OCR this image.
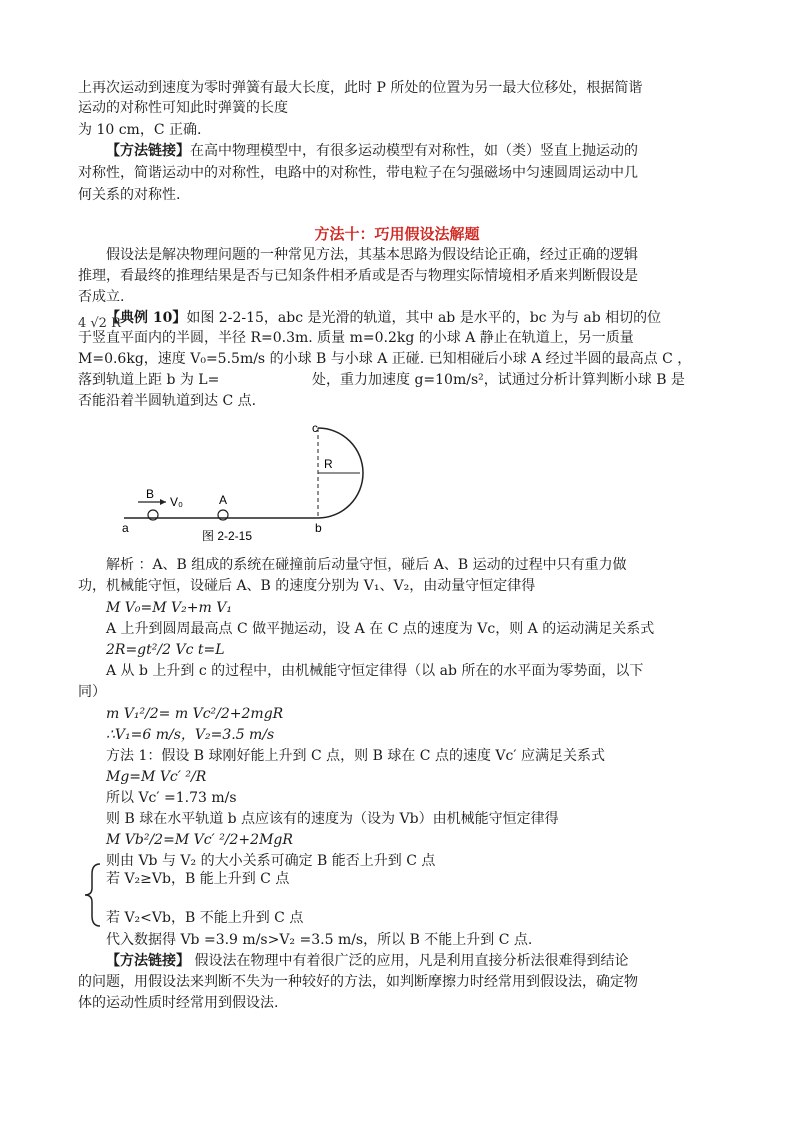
上再次运动到速度为零时弹簧有最大长度，此时 P 所处的位置为另一最大位移处，根据简谐
运动的对称性可知此时弹簧的长度
为 10 cm，C 正确.
【方法链接】在高中物理模型中，有很多运动模型有对称性，如（类）竖直上抛运动的
对称性，简谐运动中的对称性，电路中的对称性，带电粒子在匀强磁场中匀速圆周运动中几
何关系的对称性.
方法十：巧用假设法解题
假设法是解决物理问题的一种常见方法，其基本思路为假设结论正确，经过正确的逻辑
推理，看最终的推理结果是否与已知条件相矛盾或是否与物理实际情境相矛盾来判断假设是
否成立.
【典例 10】如图 2-2-15，abc 是光滑的轨道，其中 ab 是水平的，bc 为与 ab 相切的位
4 √2 R
于竖直平面内的半圆，半径 R=0.3m. 质量 m=0.2kg 的小球 A 静止在轨道上，另一质量
M=0.6kg，速度 V₀=5.5m/s 的小球 B 与小球 A 正碰. 已知相碰后小球 A 经过半圆的最高点 C ，
落到轨道上距 b 为 L=	处，重力加速度 g=10m/s²，试通过分析计算判断小球 B 是
否能沿着半圆轨道到达 C 点.
c
R
B
V₀	A
a	b
图 2-2-15
解析 ：A、B 组成的系统在碰撞前后动量守恒，碰后 A、B 运动的过程中只有重力做
功，机械能守恒，设碰后 A、B 的速度分别为 V₁、V₂，由动量守恒定律得
M V₀=M V₂+m V₁
A 上升到圆周最高点 C 做平抛运动，设 A 在 C 点的速度为 Vc，则 A 的运动满足关系式
2R=gt²/2 Vc t=L
A 从 b 上升到 c 的过程中，由机械能守恒定律得（以 ab 所在的水平面为零势面，以下
同）
m V₁²/2= m Vc²/2+2mgR
∴V₁=6 m/s，V₂=3.5 m/s
方法 1：假设 B 球刚好能上升到 C 点，则 B 球在 C 点的速度 Vc′ 应满足关系式
Mg=M Vc′ ²/R
所以 Vc′ =1.73 m/s
则 B 球在水平轨道 b 点应该有的速度为（设为 Vb）由机械能守恒定律得
M Vb²/2=M Vc′ ²/2+2MgR
则由 Vb 与 V₂ 的大小关系可确定 B 能否上升到 C 点
若 V₂≥Vb，B 能上升到 C 点
若 V₂<Vb，B 不能上升到 C 点
代入数据得 Vb =3.9 m/s>V₂ =3.5 m/s，所以 B 不能上升到 C 点.
【方法链接】 假设法在物理中有着很广泛的应用，凡是利用直接分析法很难得到结论
的问题，用假设法来判断不失为一种较好的方法，如判断摩擦力时经常用到假设法，确定物
体的运动性质时经常用到假设法.
